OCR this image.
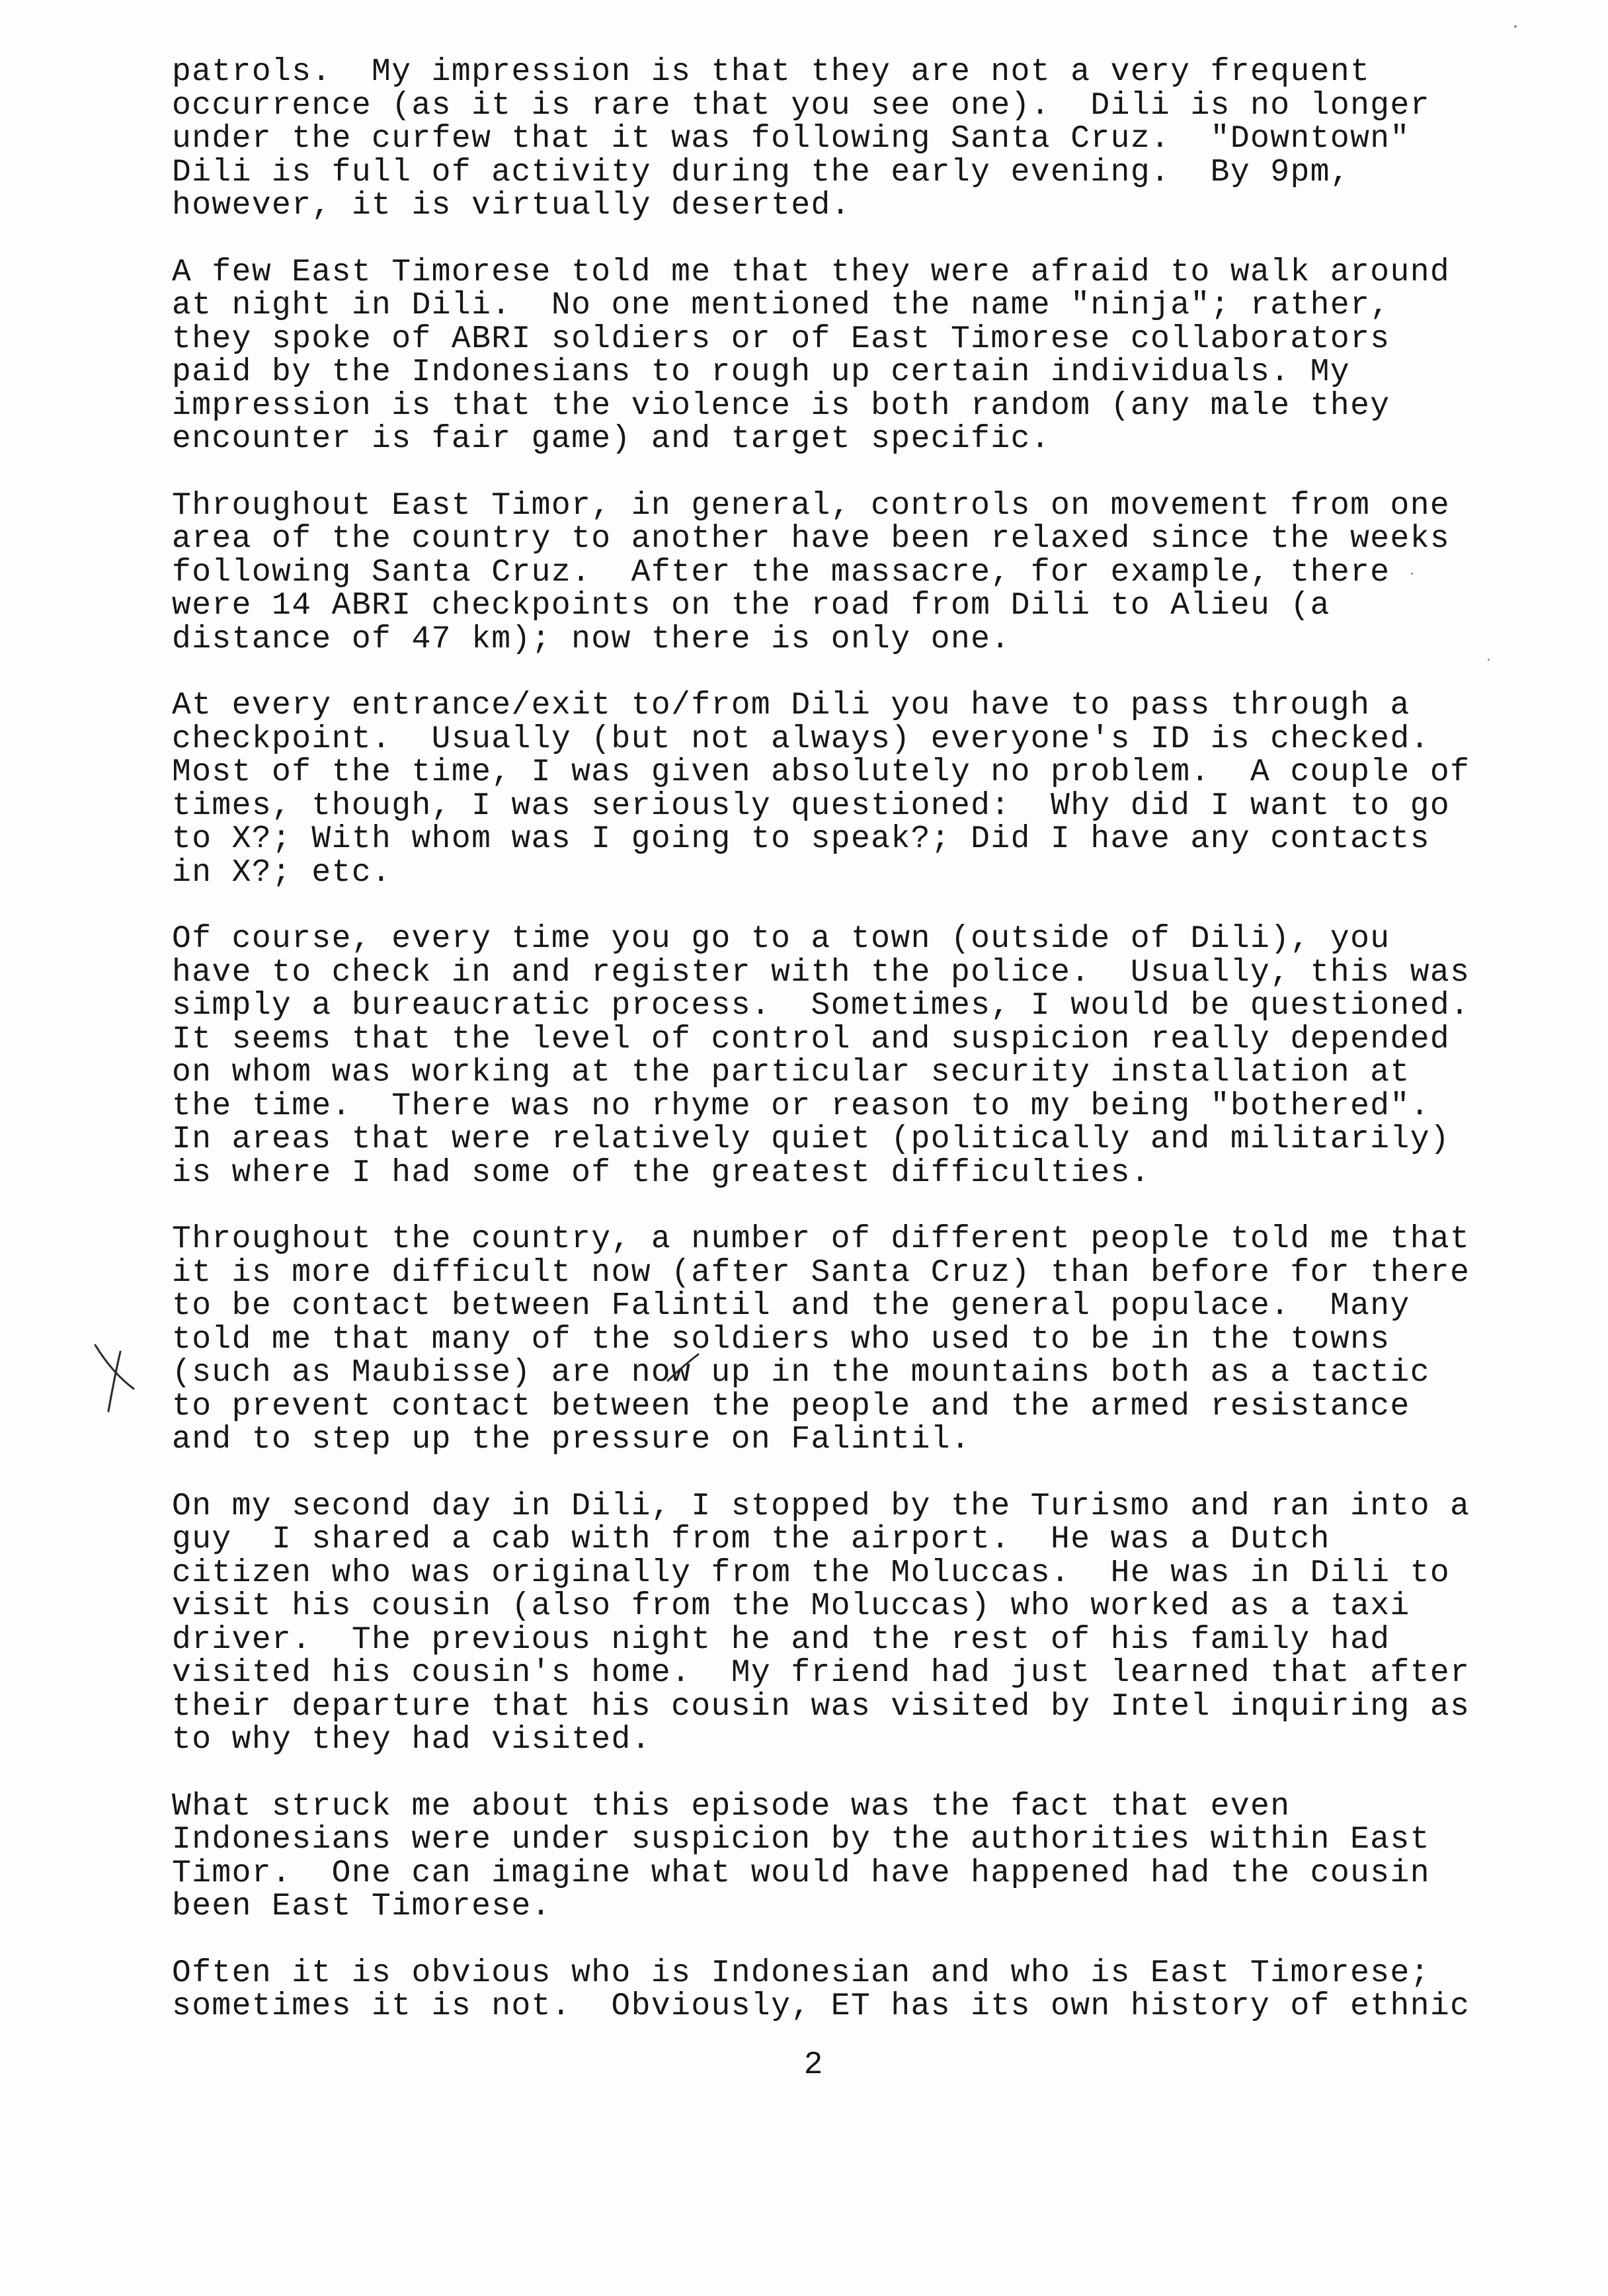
patrols.  My impression is that they are not a very frequent
occurrence (as it is rare that you see one).  Dili is no longer
under the curfew that it was following Santa Cruz.  "Downtown"
Dili is full of activity during the early evening.  By 9pm,
however, it is virtually deserted.
A few East Timorese told me that they were afraid to walk around
at night in Dili.  No one mentioned the name "ninja"; rather,
they spoke of ABRI soldiers or of East Timorese collaborators
paid by the Indonesians to rough up certain individuals. My
impression is that the violence is both random (any male they
encounter is fair game) and target specific.
Throughout East Timor, in general, controls on movement from one
area of the country to another have been relaxed since the weeks
following Santa Cruz.  After the massacre, for example, there
were 14 ABRI checkpoints on the road from Dili to Alieu (a
distance of 47 km); now there is only one.
At every entrance/exit to/from Dili you have to pass through a
checkpoint.  Usually (but not always) everyone's ID is checked.
Most of the time, I was given absolutely no problem.  A couple of
times, though, I was seriously questioned:  Why did I want to go
to X?; With whom was I going to speak?; Did I have any contacts
in X?; etc.
Of course, every time you go to a town (outside of Dili), you
have to check in and register with the police.  Usually, this was
simply a bureaucratic process.  Sometimes, I would be questioned.
It seems that the level of control and suspicion really depended
on whom was working at the particular security installation at
the time.  There was no rhyme or reason to my being "bothered".
In areas that were relatively quiet (politically and militarily)
is where I had some of the greatest difficulties.
Throughout the country, a number of different people told me that
it is more difficult now (after Santa Cruz) than before for there
to be contact between Falintil and the general populace.  Many
told me that many of the soldiers who used to be in the towns
(such as Maubisse) are now up in the mountains both as a tactic
to prevent contact between the people and the armed resistance
and to step up the pressure on Falintil.
On my second day in Dili, I stopped by the Turismo and ran into a
guy  I shared a cab with from the airport.  He was a Dutch
citizen who was originally from the Moluccas.  He was in Dili to
visit his cousin (also from the Moluccas) who worked as a taxi
driver.  The previous night he and the rest of his family had
visited his cousin's home.  My friend had just learned that after
their departure that his cousin was visited by Intel inquiring as
to why they had visited.
What struck me about this episode was the fact that even
Indonesians were under suspicion by the authorities within East
Timor.  One can imagine what would have happened had the cousin
been East Timorese.
Often it is obvious who is Indonesian and who is East Timorese;
sometimes it is not.  Obviously, ET has its own history of ethnic
2
